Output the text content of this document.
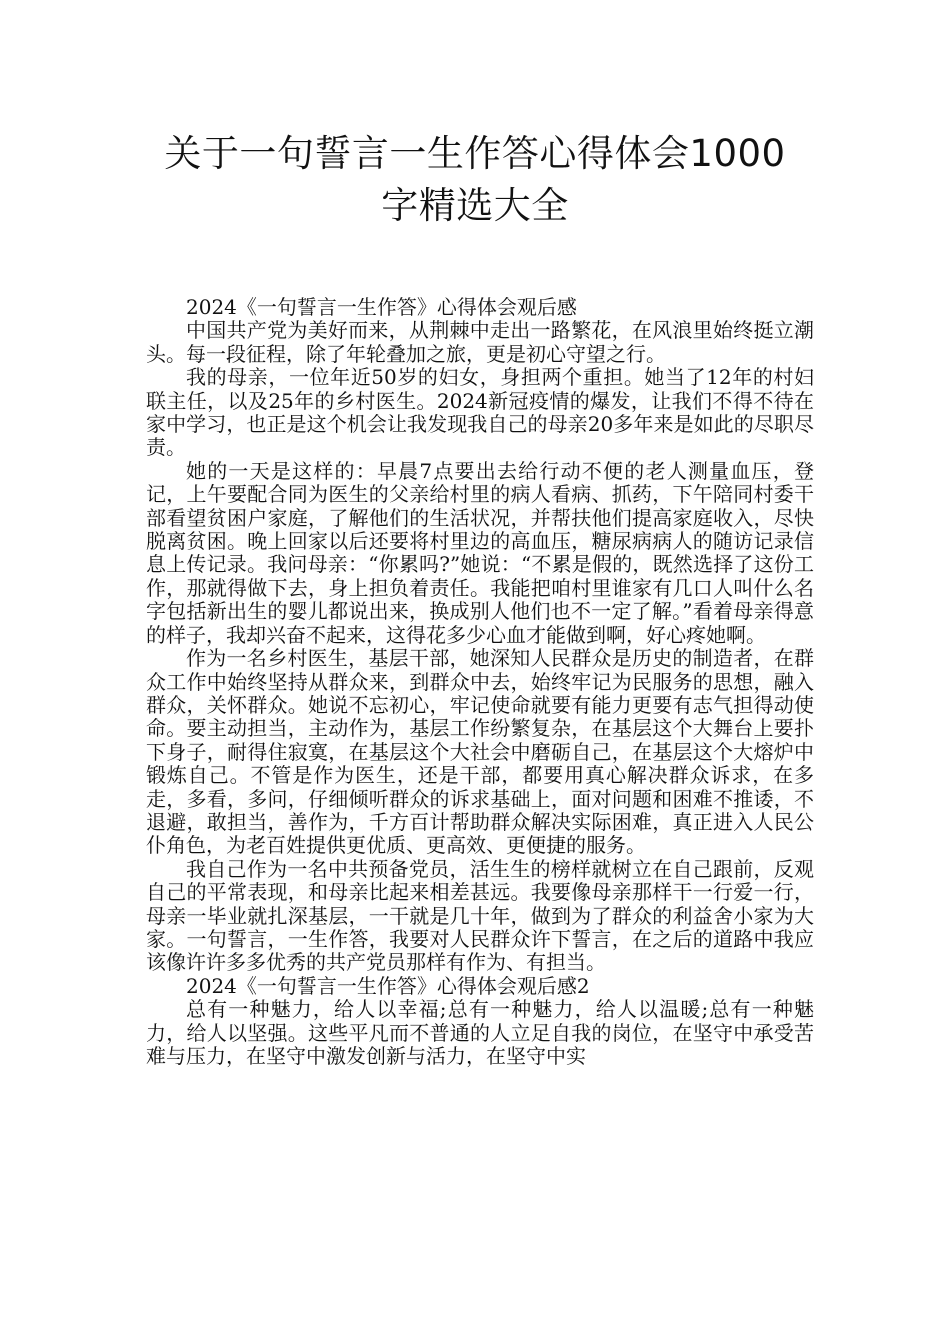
关于一句誓言一生作答心得体会1000
字精选大全

2024《一句誓言一生作答》心得体会观后感

中国共产党为美好而来，从荆棘中走出一路繁花，在风浪里始终挺立潮头。每一段征程，除了年轮叠加之旅，更是初心守望之行。

我的母亲，一位年近50岁的妇女，身担两个重担。她当了12年的村妇联主任，以及25年的乡村医生。2024新冠疫情的爆发，让我们不得不待在家中学习，也正是这个机会让我发现我自己的母亲20多年来是如此的尽职尽责。

她的一天是这样的：早晨7点要出去给行动不便的老人测量血压，登记，上午要配合同为医生的父亲给村里的病人看病、抓药，下午陪同村委干部看望贫困户家庭，了解他们的生活状况，并帮扶他们提高家庭收入，尽快脱离贫困。晚上回家以后还要将村里边的高血压，糖尿病病人的随访记录信息上传记录。我问母亲：“你累吗?”她说：“不累是假的，既然选择了这份工作，那就得做下去，身上担负着责任。我能把咱村里谁家有几口人叫什么名字包括新出生的婴儿都说出来，换成别人他们也不一定了解。”看着母亲得意的样子，我却兴奋不起来，这得花多少心血才能做到啊，好心疼她啊。

作为一名乡村医生，基层干部，她深知人民群众是历史的制造者，在群众工作中始终坚持从群众来，到群众中去，始终牢记为民服务的思想，融入群众，关怀群众。她说不忘初心，牢记使命就要有能力更要有志气担得动使命。要主动担当，主动作为，基层工作纷繁复杂，在基层这个大舞台上要扑下身子，耐得住寂寞，在基层这个大社会中磨砺自己，在基层这个大熔炉中锻炼自己。不管是作为医生，还是干部，都要用真心解决群众诉求，在多走，多看，多问，仔细倾听群众的诉求基础上，面对问题和困难不推诿，不退避，敢担当，善作为，千方百计帮助群众解决实际困难，真正进入人民公仆角色，为老百姓提供更优质、更高效、更便捷的服务。

我自己作为一名中共预备党员，活生生的榜样就树立在自己跟前，反观自己的平常表现，和母亲比起来相差甚远。我要像母亲那样干一行爱一行，母亲一毕业就扎深基层，一干就是几十年，做到为了群众的利益舍小家为大家。一句誓言，一生作答，我要对人民群众许下誓言，在之后的道路中我应该像许许多多优秀的共产党员那样有作为、有担当。

2024《一句誓言一生作答》心得体会观后感2

总有一种魅力，给人以幸福;总有一种魅力，给人以温暖;总有一种魅力，给人以坚强。这些平凡而不普通的人立足自我的岗位，在坚守中承受苦难与压力，在坚守中激发创新与活力，在坚守中实
